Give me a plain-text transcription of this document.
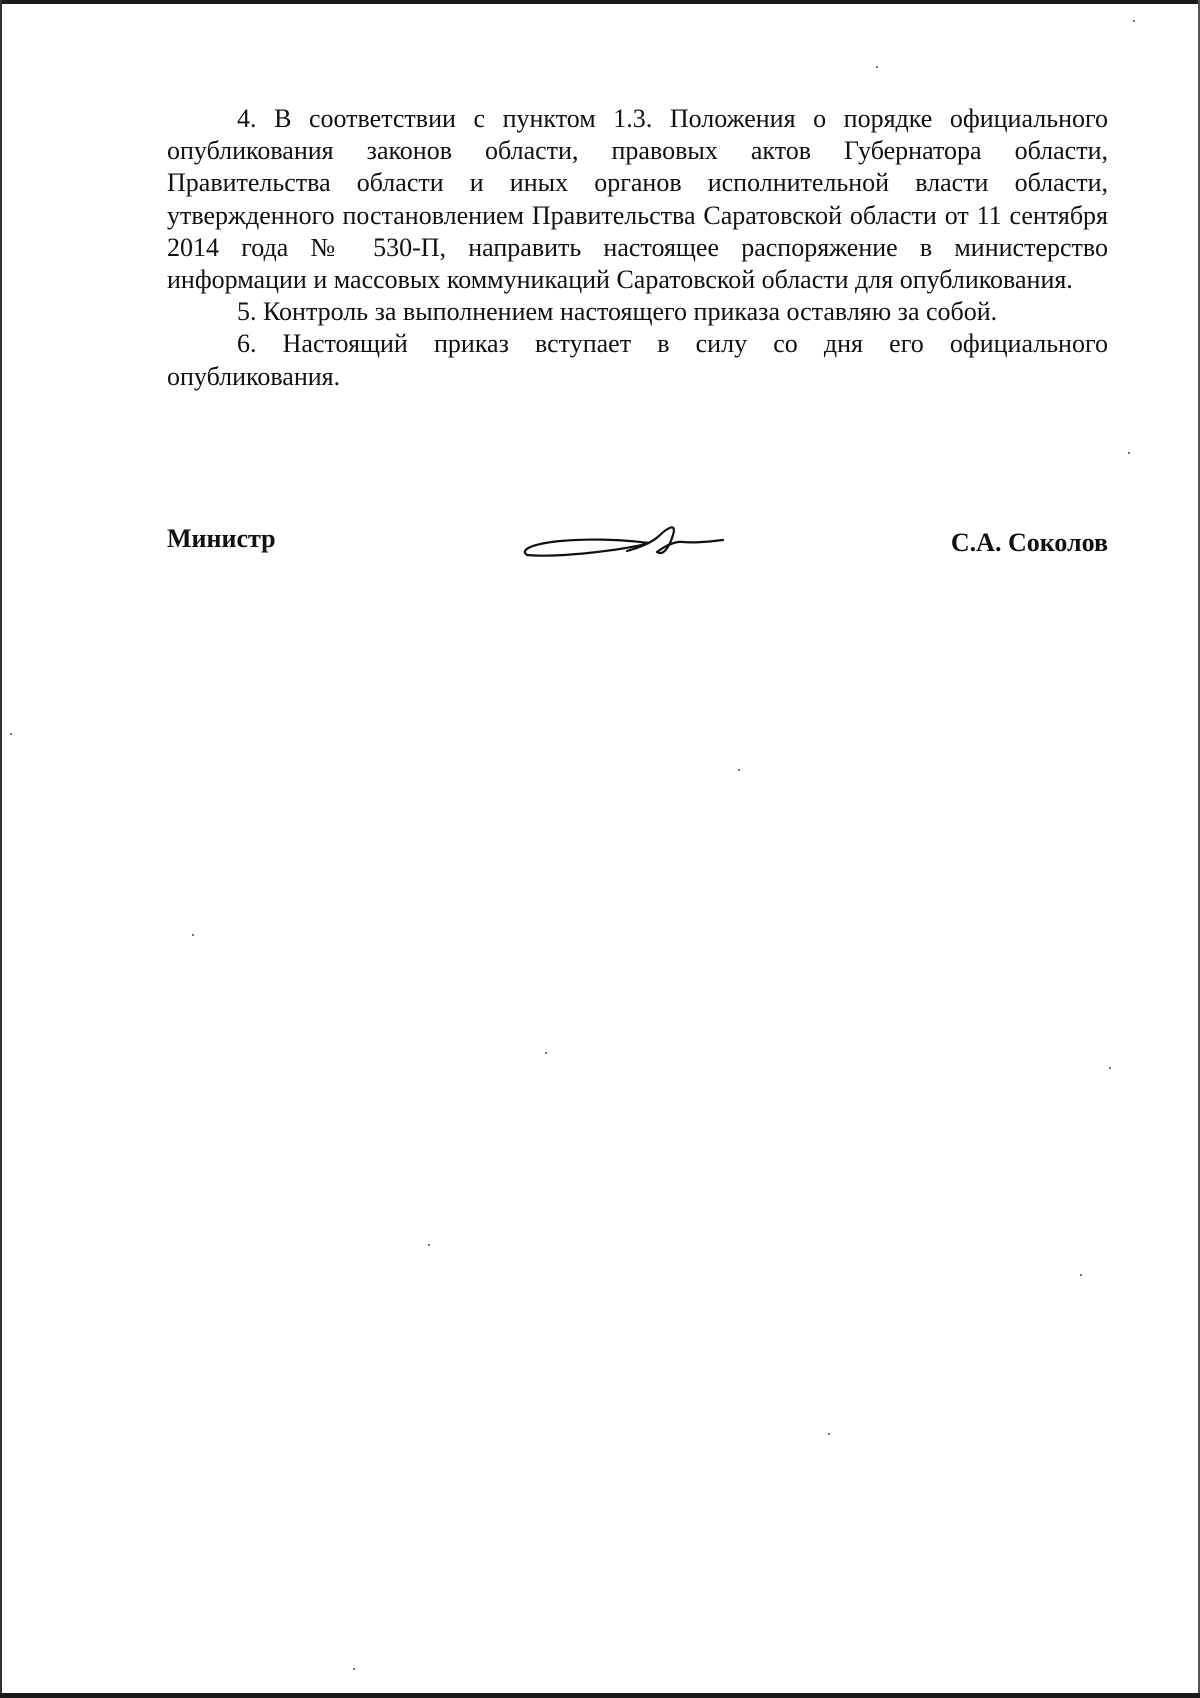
4. В соответствии с пунктом 1.3. Положения о порядке официального опубликования законов области, правовых актов Губернатора области, Правительства области и иных органов исполнительной власти области, утвержденного постановлением Правительства Саратовской области от 11 сентября 2014 года № 530-П, направить настоящее распоряжение в министерство информации и массовых коммуникаций Саратовской области для опубликования.

5. Контроль за выполнением настоящего приказа оставляю за собой.

6. Настоящий приказ вступает в силу со дня его официального опубликования.

Министр	С.А. Соколов
